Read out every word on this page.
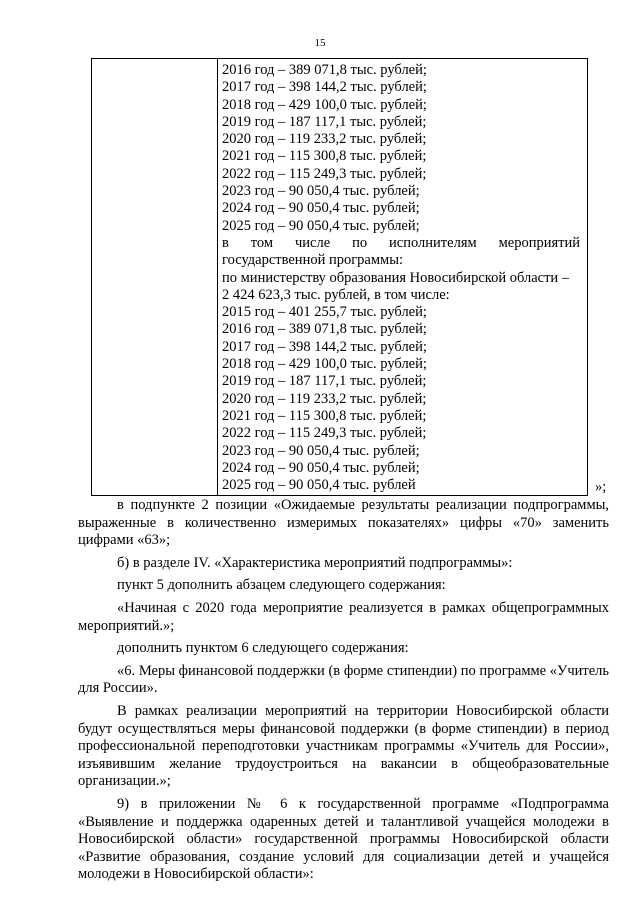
15
2016 год – 389 071,8 тыс. рублей;
2017 год – 398 144,2 тыс. рублей;
2018 год – 429 100,0 тыс. рублей;
2019 год – 187 117,1 тыс. рублей;
2020 год – 119 233,2 тыс. рублей;
2021 год – 115 300,8 тыс. рублей;
2022 год – 115 249,3 тыс. рублей;
2023 год – 90 050,4 тыс. рублей;
2024 год – 90 050,4 тыс. рублей;
2025 год – 90 050,4 тыс. рублей;
в том числе по исполнителям мероприятий
государственной программы:
по министерству образования Новосибирской области –
2 424 623,3 тыс. рублей, в том числе:
2015 год – 401 255,7 тыс. рублей;
2016 год – 389 071,8 тыс. рублей;
2017 год – 398 144,2 тыс. рублей;
2018 год – 429 100,0 тыс. рублей;
2019 год – 187 117,1 тыс. рублей;
2020 год – 119 233,2 тыс. рублей;
2021 год – 115 300,8 тыс. рублей;
2022 год – 115 249,3 тыс. рублей;
2023 год – 90 050,4 тыс. рублей;
2024 год – 90 050,4 тыс. рублей;
2025 год – 90 050,4 тыс. рублей	»;

в подпункте 2 позиции «Ожидаемые результаты реализации подпрограммы, выраженные в количественно измеримых показателях» цифры «70» заменить цифрами «63»;

б) в разделе IV. «Характеристика мероприятий подпрограммы»:

пункт 5 дополнить абзацем следующего содержания:

«Начиная с 2020 года мероприятие реализуется в рамках общепрограммных мероприятий.»;

дополнить пунктом 6 следующего содержания:

«6. Меры финансовой поддержки (в форме стипендии) по программе «Учитель для России».

В рамках реализации мероприятий на территории Новосибирской области будут осуществляться меры финансовой поддержки (в форме стипендии) в период профессиональной переподготовки участникам программы «Учитель для России», изъявившим желание трудоустроиться на вакансии в общеобразовательные организации.»;

9) в приложении № 6 к государственной программе «Подпрограмма «Выявление и поддержка одаренных детей и талантливой учащейся молодежи в Новосибирской области» государственной программы Новосибирской области «Развитие образования, создание условий для социализации детей и учащейся молодежи в Новосибирской области»:
